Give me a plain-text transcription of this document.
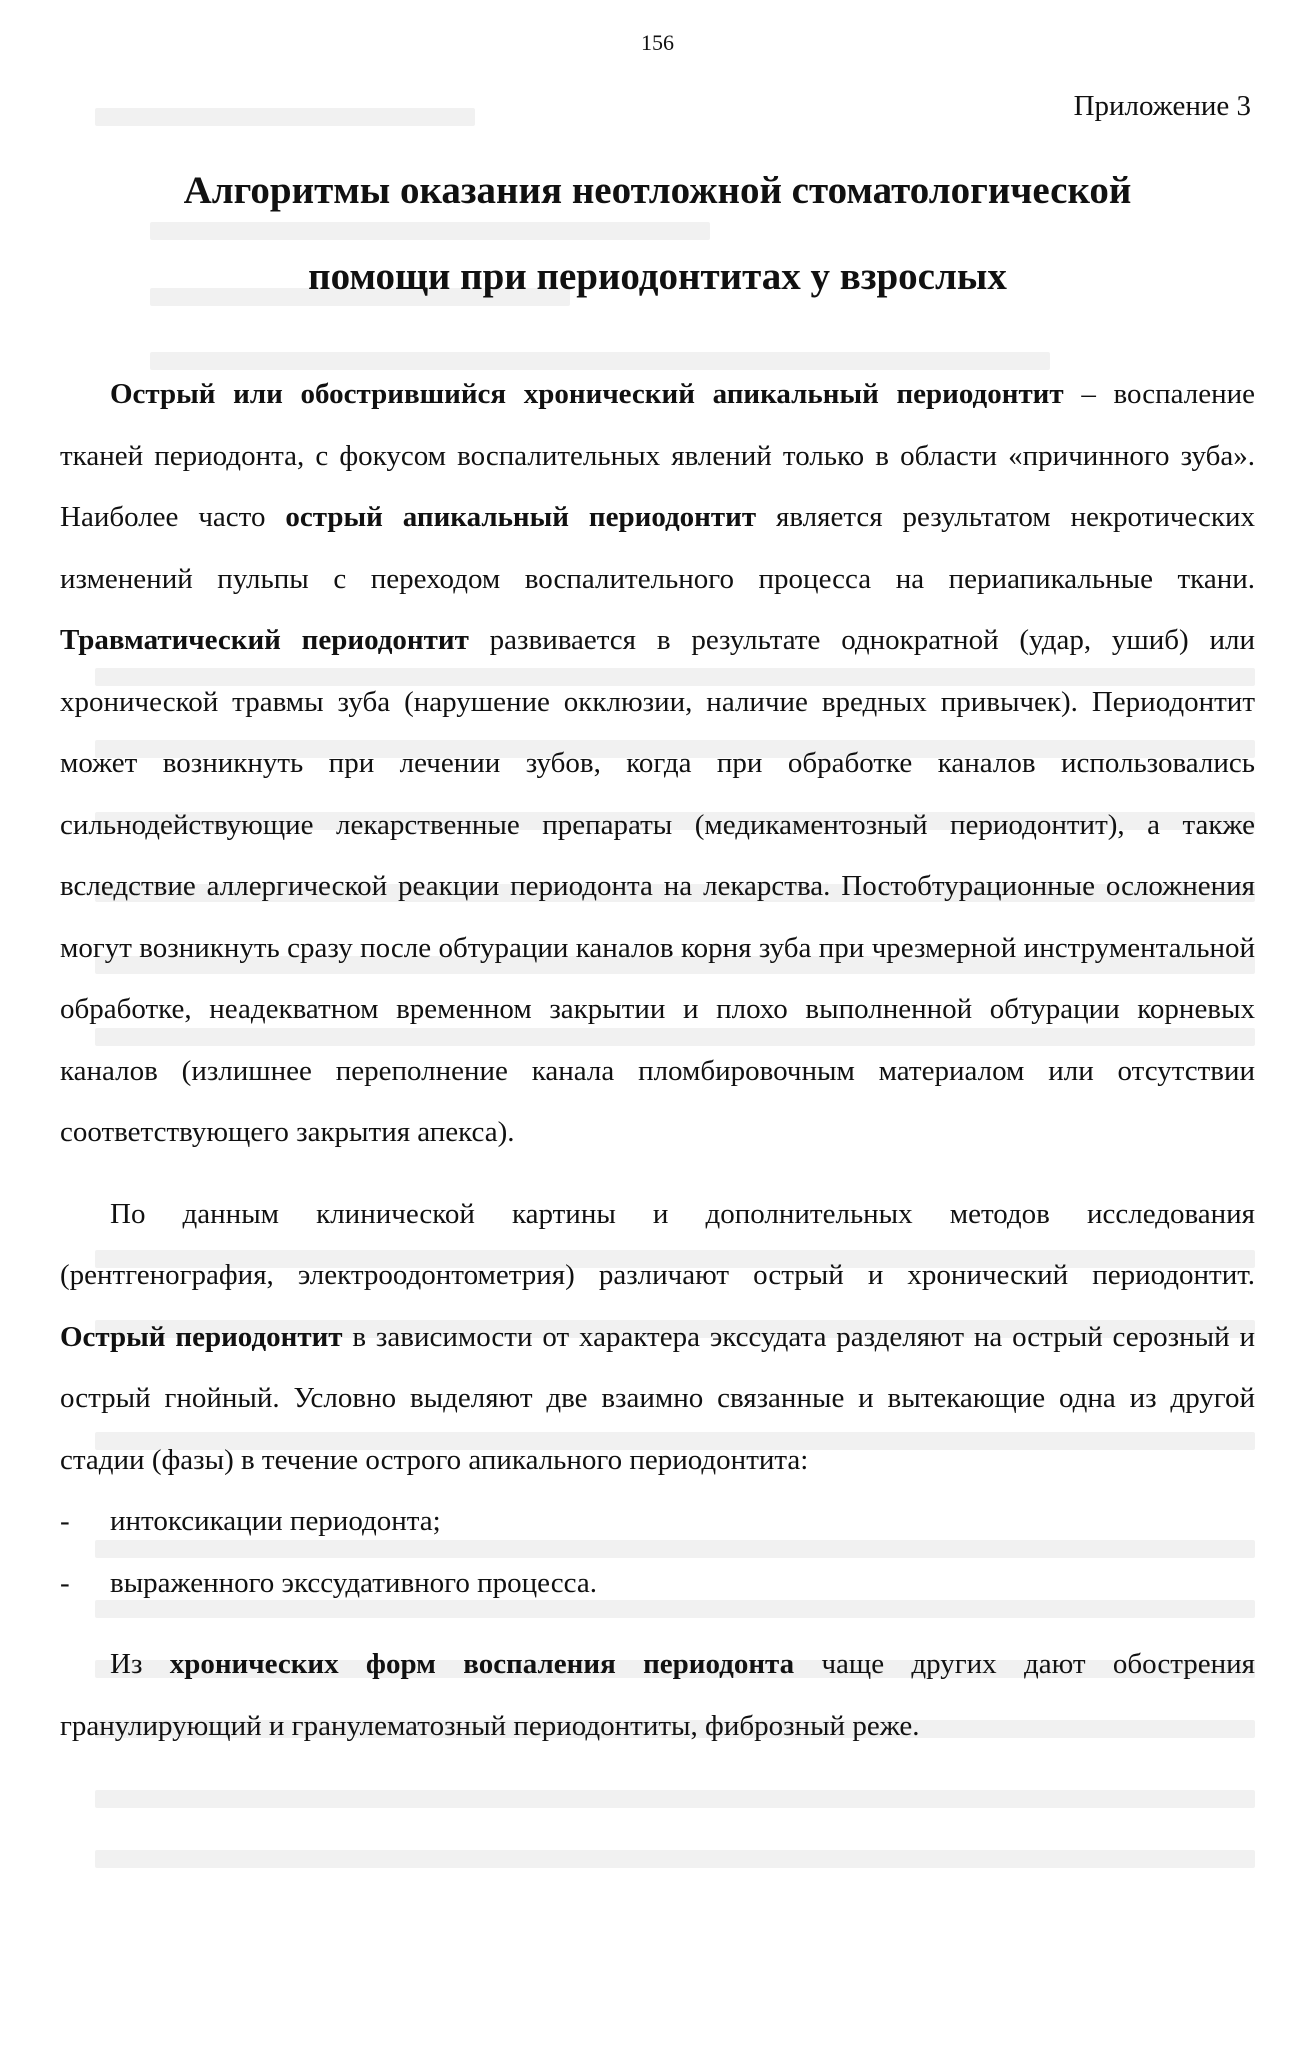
156
Приложение 3
Алгоритмы оказания неотложной стоматологической
помощи при периодонтитах у взрослых

Острый или обострившийся хронический апикальный периодонтит – воспаление тканей периодонта, с фокусом воспалительных явлений только в области «причинного зуба». Наиболее часто острый апикальный периодонтит является результатом некротических изменений пульпы с переходом воспалительного процесса на периапикальные ткани. Травматический периодонтит развивается в результате однократной (удар, ушиб) или хронической травмы зуба (нарушение окклюзии, наличие вредных привычек). Периодонтит может возникнуть при лечении зубов, когда при обработке каналов использовались сильнодействующие лекарственные препараты (медикаментозный периодонтит), а также вследствие аллергической реакции периодонта на лекарства. Постобтурационные осложнения могут возникнуть сразу после обтурации каналов корня зуба при чрезмерной инструментальной обработке, неадекватном временном закрытии и плохо выполненной обтурации корневых каналов (излишнее переполнение канала пломбировочным материалом или отсутствии соответствующего закрытия апекса).

По данным клинической картины и дополнительных методов исследования (рентгенография, электроодонтометрия) различают острый и хронический периодонтит. Острый периодонтит в зависимости от характера экссудата разделяют на острый серозный и острый гнойный. Условно выделяют две взаимно связанные и вытекающие одна из другой стадии (фазы) в течение острого апикального периодонтита:

- интоксикации периодонта;
- выраженного экссудативного процесса.

Из хронических форм воспаления периодонта чаще других дают обострения гранулирующий и гранулематозный периодонтиты, фиброзный реже.
